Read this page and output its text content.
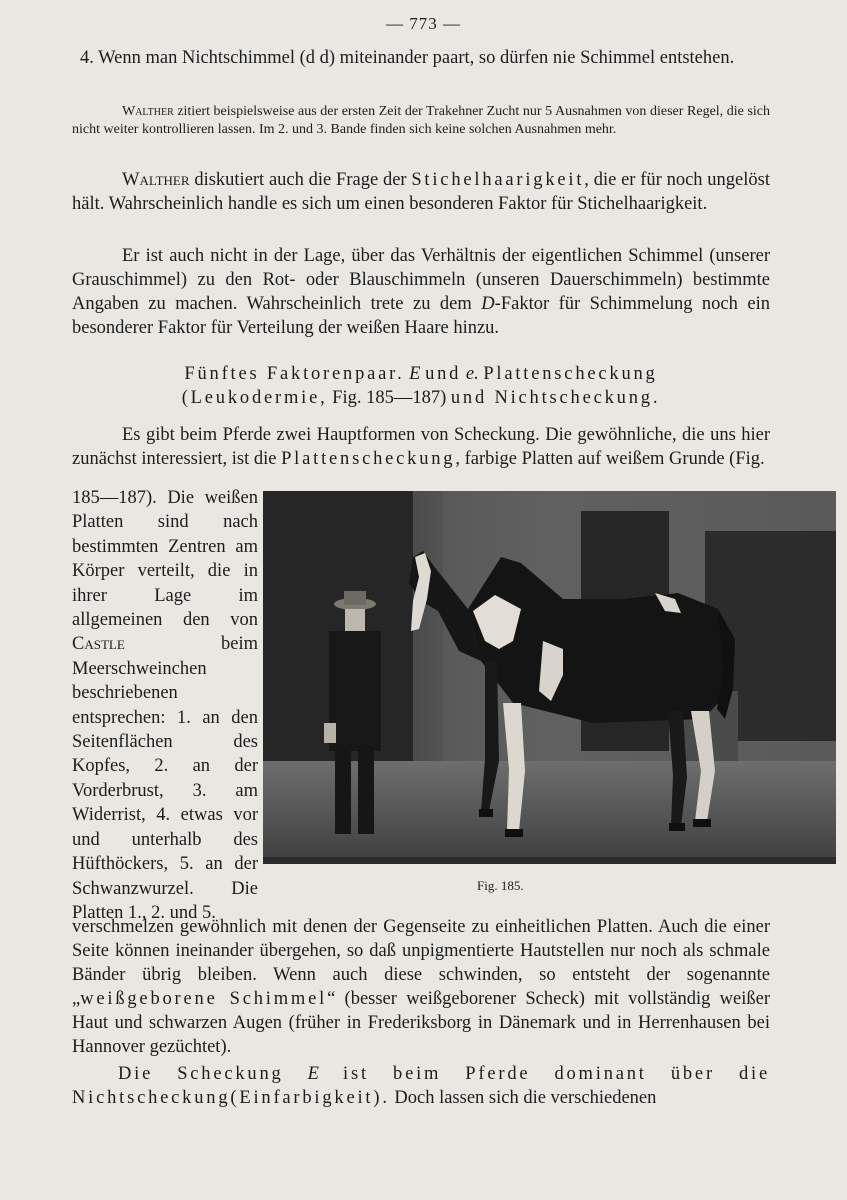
— 773 —

4. Wenn man Nichtschimmel (d d) miteinander paart, so dürfen nie Schimmel entstehen.

Walther zitiert beispielsweise aus der ersten Zeit der Trakehner Zucht nur 5 Ausnahmen von dieser Regel, die sich nicht weiter kontrollieren lassen. Im 2. und 3. Bande finden sich keine solchen Ausnahmen mehr.

Walther diskutiert auch die Frage der Stichelhaarigkeit, die er für noch ungelöst hält. Wahrscheinlich handle es sich um einen besonderen Faktor für Stichelhaarigkeit.

Er ist auch nicht in der Lage, über das Verhältnis der eigentlichen Schimmel (unserer Grauschimmel) zu den Rot- oder Blauschimmeln (unseren Dauerschimmeln) bestimmte Angaben zu machen. Wahrscheinlich trete zu dem D-Faktor für Schimmelung noch ein besonderer Faktor für Verteilung der weißen Haare hinzu.

Fünftes Faktorenpaar. E und e. Plattenscheckung
(Leukodermie, Fig. 185—187) und Nichtscheckung.

Es gibt beim Pferde zwei Hauptformen von Scheckung. Die gewöhnliche, die uns hier zunächst interessiert, ist die Plattenscheckung, farbige Platten auf weißem Grunde (Fig.

185—187). Die weißen Platten sind nach bestimmten Zentren am Körper verteilt, die in ihrer Lage im allgemeinen den von Castle beim Meerschweinchen beschriebenen entsprechen: 1. an den Seitenflächen des Kopfes, 2. an der Vorderbrust, 3. am Widerrist, 4. etwas vor und unterhalb des Hüfthöckers, 5. an der Schwanzwurzel. Die Platten 1., 2. und 5.

Fig. 185.

verschmelzen gewöhnlich mit denen der Gegenseite zu einheitlichen Platten. Auch die einer Seite können ineinander übergehen, so daß unpigmentierte Hautstellen nur noch als schmale Bänder übrig bleiben. Wenn auch diese schwinden, so entsteht der sogenannte „weißgeborene Schimmel“ (besser weißgeborener Scheck) mit vollständig weißer Haut und schwarzen Augen (früher in Frederiksborg in Dänemark und in Herrenhausen bei Hannover gezüchtet).

Die Scheckung E ist beim Pferde dominant über die Nichtscheckung(Einfarbigkeit). Doch lassen sich die verschiedenen
